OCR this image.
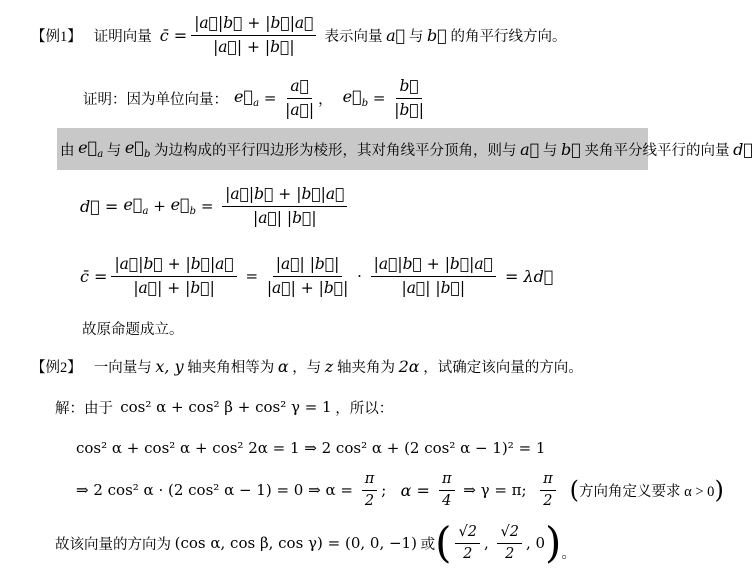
【例1】 证明向量 c̄ = $\frac{|a⃗|b⃗ + |b⃗|a⃗}{|a⃗| + |b⃗|}$ 表示向量 a⃗ 与 b⃗ 的角平行线方向。
证明：因为单位向量： $e⃗_a = \frac{a⃗}{|a⃗|}$ ， $e⃗_b = \frac{b⃗}{|b⃗|}$
由 $e⃗_a$ 与 $e⃗_b$ 为边构成的平行四边形为棱形，其对角线平分顶角，则与 a⃗ 与 b⃗ 夹角平分线平行的向量 d⃗
d⃗ = $e⃗_a$ + $e⃗_b = \frac{|a⃗|b⃗ + |b⃗|a⃗}{|a⃗| |b⃗|}$
c̄ = $\frac{|a⃗|b⃗ + |b⃗|a⃗}{|a⃗| + |b⃗|} = \frac{|a⃗| |b⃗|}{|a⃗| + |b⃗|} \cdot \frac{|a⃗|b⃗ + |b⃗|a⃗}{|a⃗| |b⃗|}$ = λd⃗
故原命题成立。
【例2】 一向量与 x, y 轴夹角相等为 α ，与 z 轴夹角为 2α ，试确定该向量的方向。
解：由于 cos² α + cos² β + cos² γ = 1 ，所以：
cos² α + cos² α + cos² 2α = 1 ⇒ 2 cos² α + (2 cos² α − 1)² = 1
⇒ 2 cos² α · (2 cos² α − 1) = 0 ⇒ $\alpha = \frac{\pi}{2}$ ; $\alpha = \frac{\pi}{4}$ ⇒ γ = π; $\frac{\pi}{2}$ ( 方向角定义要求 α > 0 )
故该向量的方向为 (cos α, cos β, cos γ) = (0, 0, −1) 或 ( $\frac{√2}{2}$ , $\frac{√2}{2}$ , 0 ) 。
